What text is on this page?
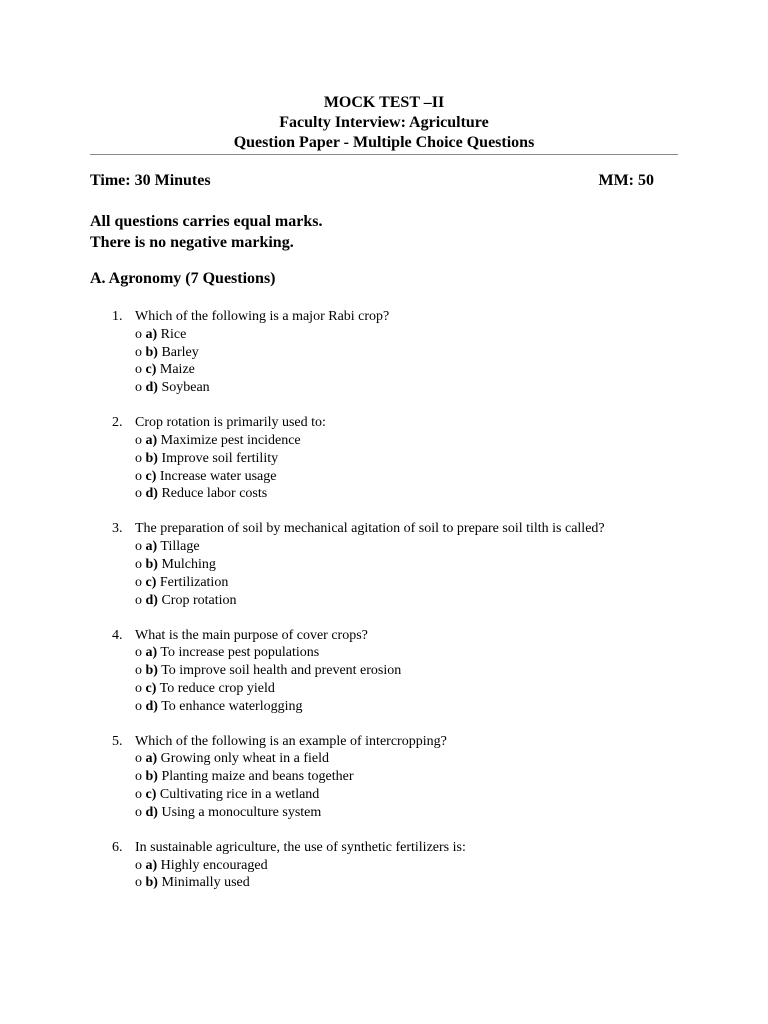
MOCK TEST –II
Faculty Interview: Agriculture
Question Paper - Multiple Choice Questions
Time: 30 Minutes	MM: 50
All questions carries equal marks.
There is no negative marking.
A. Agronomy (7 Questions)
1. Which of the following is a major Rabi crop?
o a) Rice
o b) Barley
o c) Maize
o d) Soybean
2. Crop rotation is primarily used to:
o a) Maximize pest incidence
o b) Improve soil fertility
o c) Increase water usage
o d) Reduce labor costs
3. The preparation of soil by mechanical agitation of soil to prepare soil tilth is called?
o a) Tillage
o b) Mulching
o c) Fertilization
o d) Crop rotation
4. What is the main purpose of cover crops?
o a) To increase pest populations
o b) To improve soil health and prevent erosion
o c) To reduce crop yield
o d) To enhance waterlogging
5. Which of the following is an example of intercropping?
o a) Growing only wheat in a field
o b) Planting maize and beans together
o c) Cultivating rice in a wetland
o d) Using a monoculture system
6. In sustainable agriculture, the use of synthetic fertilizers is:
o a) Highly encouraged
o b) Minimally used
